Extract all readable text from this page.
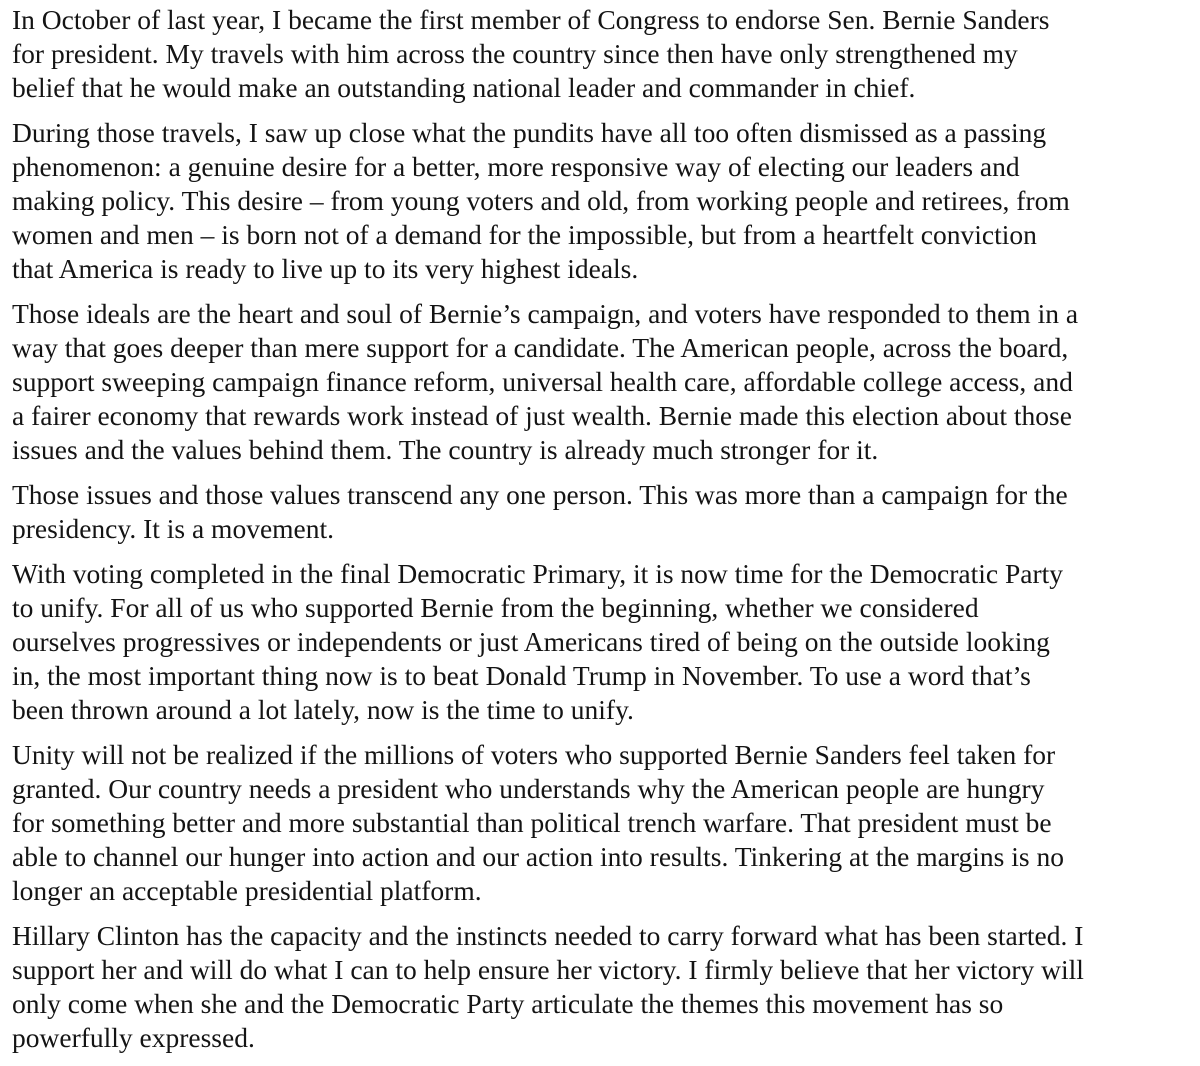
In October of last year, I became the first member of Congress to endorse Sen. Bernie Sanders
for president. My travels with him across the country since then have only strengthened my
belief that he would make an outstanding national leader and commander in chief.

During those travels, I saw up close what the pundits have all too often dismissed as a passing
phenomenon: a genuine desire for a better, more responsive way of electing our leaders and
making policy. This desire – from young voters and old, from working people and retirees, from
women and men – is born not of a demand for the impossible, but from a heartfelt conviction
that America is ready to live up to its very highest ideals.

Those ideals are the heart and soul of Bernie’s campaign, and voters have responded to them in a
way that goes deeper than mere support for a candidate. The American people, across the board,
support sweeping campaign finance reform, universal health care, affordable college access, and
a fairer economy that rewards work instead of just wealth. Bernie made this election about those
issues and the values behind them. The country is already much stronger for it.

Those issues and those values transcend any one person. This was more than a campaign for the
presidency. It is a movement.

With voting completed in the final Democratic Primary, it is now time for the Democratic Party
to unify. For all of us who supported Bernie from the beginning, whether we considered
ourselves progressives or independents or just Americans tired of being on the outside looking
in, the most important thing now is to beat Donald Trump in November. To use a word that’s
been thrown around a lot lately, now is the time to unify.

Unity will not be realized if the millions of voters who supported Bernie Sanders feel taken for
granted. Our country needs a president who understands why the American people are hungry
for something better and more substantial than political trench warfare. That president must be
able to channel our hunger into action and our action into results. Tinkering at the margins is no
longer an acceptable presidential platform.

Hillary Clinton has the capacity and the instincts needed to carry forward what has been started. I
support her and will do what I can to help ensure her victory. I firmly believe that her victory will
only come when she and the Democratic Party articulate the themes this movement has so
powerfully expressed.
